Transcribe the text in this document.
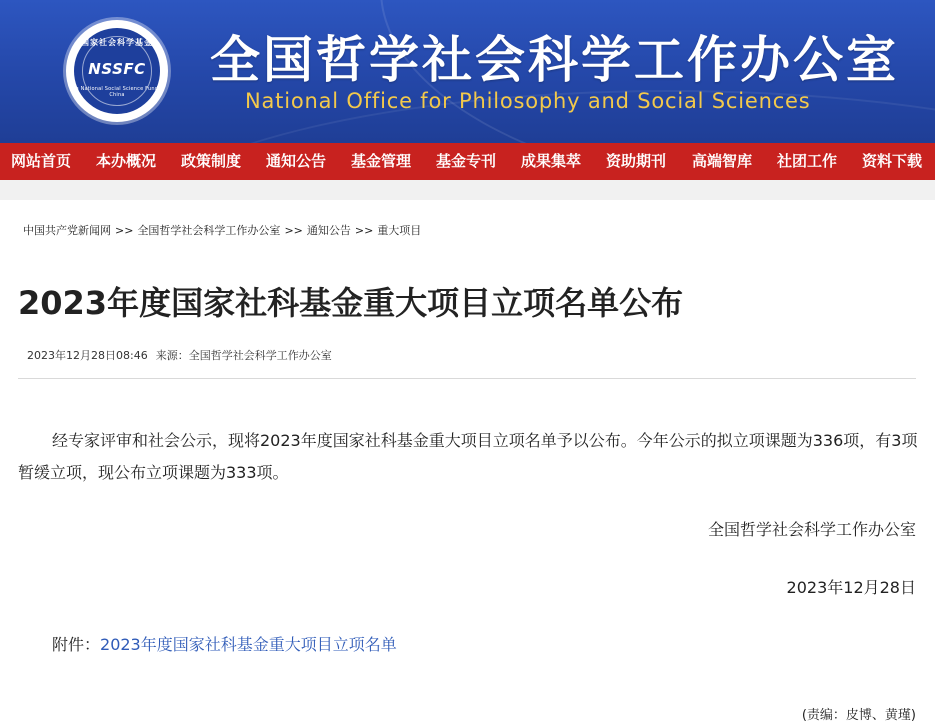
国家社会科学基金
NSSFC
The National Social Science Fund of China
全国哲学社会科学工作办公室
National Office for Philosophy and Social Sciences
网站首页 本办概况 政策制度 通知公告 基金管理 基金专刊 成果集萃 资助期刊 高端智库 社团工作 资料下载
中国共产党新闻网 >> 全国哲学社会科学工作办公室 >> 通知公告 >> 重大项目
2023年度国家社科基金重大项目立项名单公布
2023年12月28日08:46 来源：全国哲学社会科学工作办公室

经专家评审和社会公示，现将2023年度国家社科基金重大项目立项名单予以公布。今年公示的拟立项课题为336项，有3项暂缓立项，现公布立项课题为333项。

全国哲学社会科学工作办公室
2023年12月28日
附件：2023年度国家社科基金重大项目立项名单
(责编：皮博、黄瑾)
